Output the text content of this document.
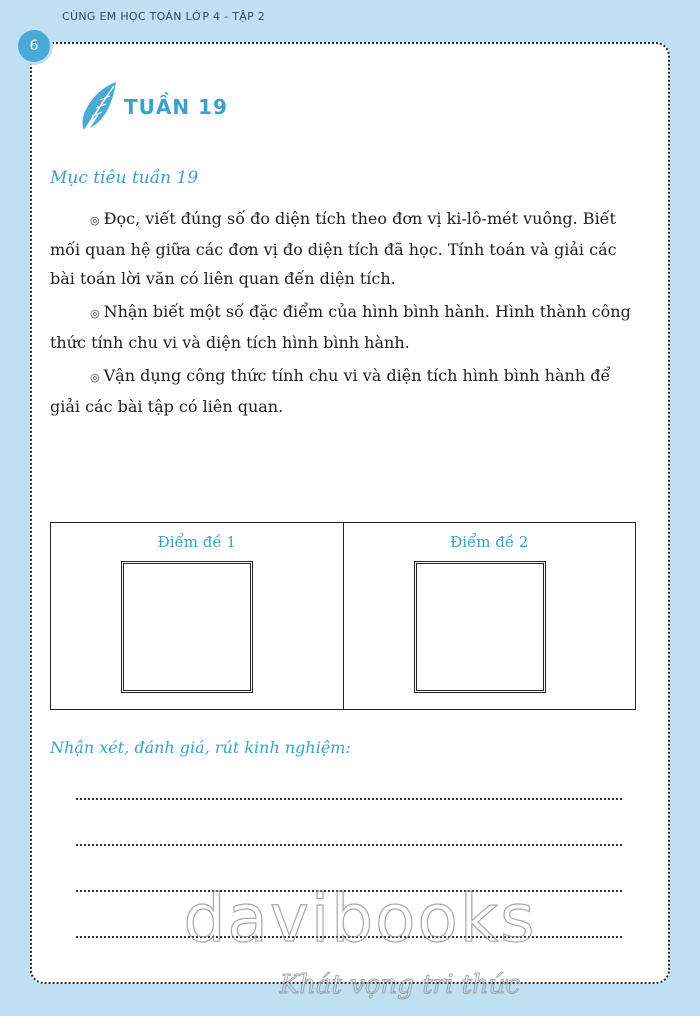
6
CÙNG EM HỌC TOÁN LỚP 4 - TẬP 2
TUẦN 19
Mục tiêu tuần 19

◎ Đọc, viết đúng số đo diện tích theo đơn vị ki-lô-mét vuông. Biết mối quan hệ giữa các đơn vị đo diện tích đã học. Tính toán và giải các bài toán lời văn có liên quan đến diện tích.

◎ Nhận biết một số đặc điểm của hình bình hành. Hình thành công thức tính chu vi và diện tích hình bình hành.

◎ Vận dụng công thức tính chu vi và diện tích hình bình hành để giải các bài tập có liên quan.

Điểm đề 1	Điểm đề 2
Nhận xét, đánh giá, rút kinh nghiệm:
davibooks
Khát vọng tri thức
